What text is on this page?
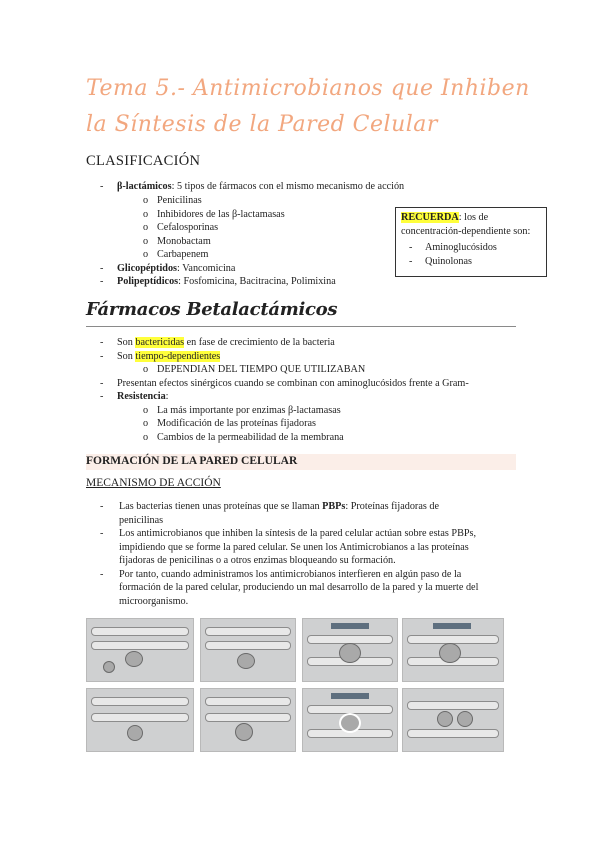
Tema 5.- Antimicrobianos que Inhiben
la Síntesis de la Pared Celular
CLASIFICACIÓN
- β-lactámicos: 5 tipos de fármacos con el mismo mecanismo de acción
o Penicilinas
o Inhibidores de las β-lactamasas
o Cefalosporinas
o Monobactam
o Carbapenem
- Glicopéptidos: Vancomicina
- Polipeptídicos: Fosfomicina, Bacitracina, Polimixina
RECUERDA: los de
concentración-dependiente son:
- Aminoglucósidos
- Quinolonas
Fármacos Betalactámicos
- Son bactericidas en fase de crecimiento de la bacteria
- Son tiempo-dependientes
o DEPENDIAN DEL TIEMPO QUE UTILIZABAN
- Presentan efectos sinérgicos cuando se combinan con aminoglucósidos frente a Gram-
- Resistencia:
o La más importante por enzimas β-lactamasas
o Modificación de las proteínas fijadoras
o Cambios de la permeabilidad de la membrana
FORMACIÓN DE LA PARED CELULAR
MECANISMO DE ACCIÓN
- Las bacterias tienen unas proteínas que se llaman PBPs: Proteínas fijadoras de
penicilinas
- Los antimicrobianos que inhiben la síntesis de la pared celular actúan sobre estas PBPs,
impidiendo que se forme la pared celular. Se unen los Antimicrobianos a las proteínas
fijadoras de penicilinas o a otros enzimas bloqueando su formación.
- Por tanto, cuando administramos los antimicrobianos interfieren en algún paso de la
formación de la pared celular, produciendo un mal desarrollo de la pared y la muerte del
microorganismo.
